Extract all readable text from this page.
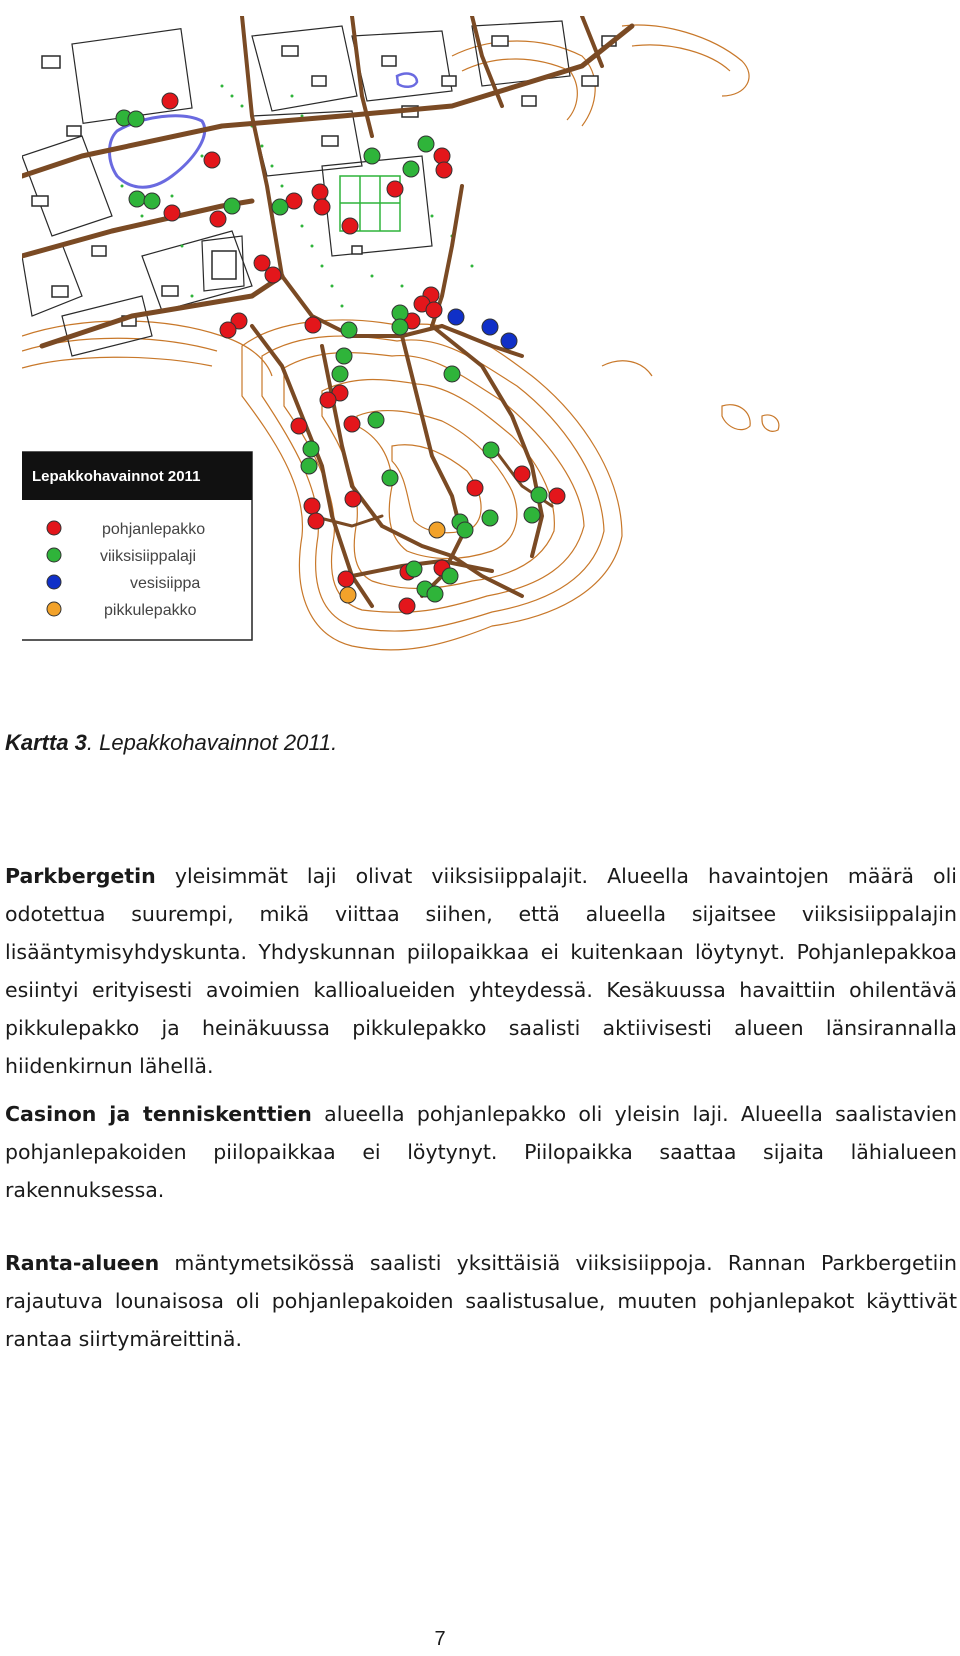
Lepakkohavainnot 2011
pohjanlepakko
viiksisiippalaji
vesisiippa
pikkulepakko

Kartta 3. Lepakkohavainnot 2011.

Parkbergetin yleisimmät laji olivat viiksisiippalajit. Alueella havaintojen määrä oli odotettua suurempi, mikä viittaa siihen, että alueella sijaitsee viiksisiippalajin lisääntymisyhdyskunta. Yhdyskunnan piilopaikkaa ei kuitenkaan löytynyt. Pohjanlepakkoa esiintyi erityisesti avoimien kallioalueiden yhteydessä. Kesäkuussa havaittiin ohilentävä pikkulepakko ja heinäkuussa pikkulepakko saalisti aktiivisesti alueen länsirannalla hiidenkirnun lähellä.

Casinon ja tenniskenttien alueella pohjanlepakko oli yleisin laji. Alueella saalistavien pohjanlepakoiden piilopaikkaa ei löytynyt. Piilopaikka saattaa sijaita lähialueen rakennuksessa.

Ranta-alueen mäntymetsikössä saalisti yksittäisiä viiksisiippoja. Rannan Parkbergetiin rajautuva lounaisosa oli pohjanlepakoiden saalistusalue, muuten pohjanlepakot käyttivät rantaa siirtymäreittinä.

7
